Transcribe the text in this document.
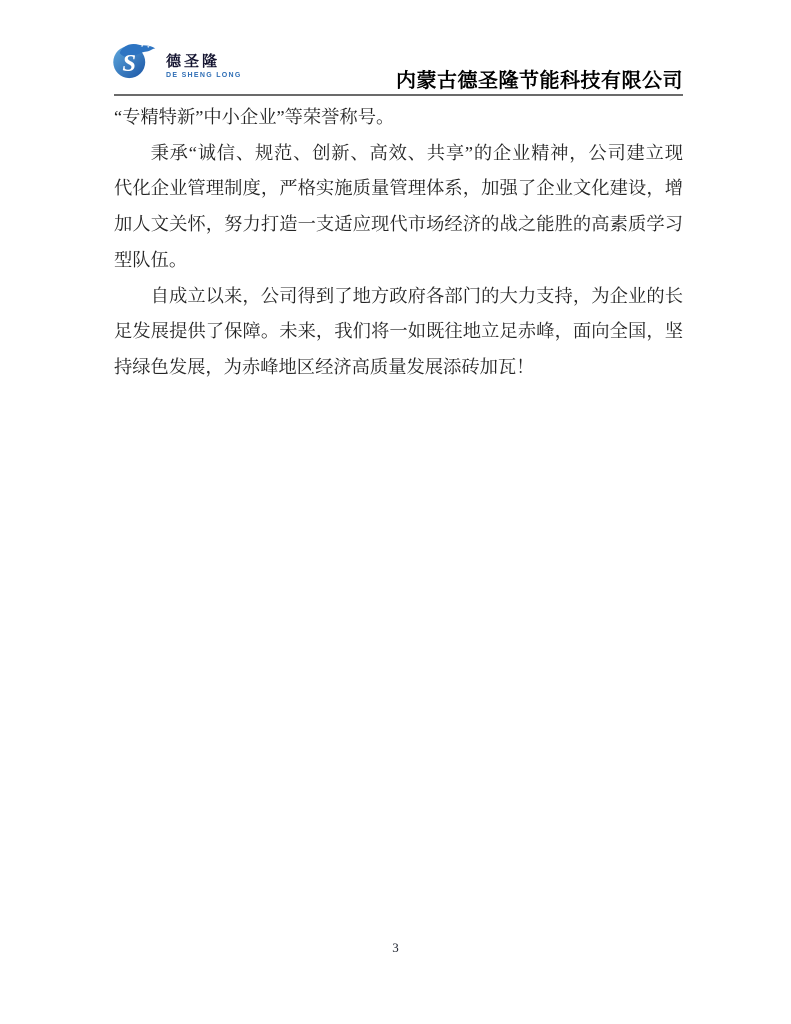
S 德圣隆
DE SHENG LONG	内蒙古德圣隆节能科技有限公司
“专精特新”中小企业”等荣誉称号。
秉承“诚信、规范、创新、高效、共享”的企业精神，公司建立现
代化企业管理制度，严格实施质量管理体系，加强了企业文化建设，增
加人文关怀，努力打造一支适应现代市场经济的战之能胜的高素质学习
型队伍。
自成立以来，公司得到了地方政府各部门的大力支持，为企业的长
足发展提供了保障。未来，我们将一如既往地立足赤峰，面向全国，坚
持绿色发展，为赤峰地区经济高质量发展添砖加瓦！
3
